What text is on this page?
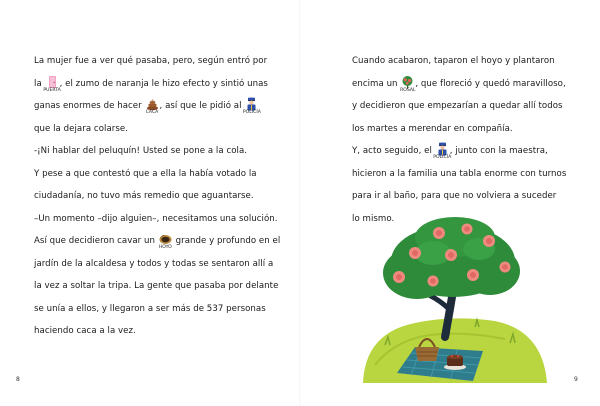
La mujer fue a ver qué pasaba, pero, según entró por
la
PUERTA
, el zumo de naranja le hizo efecto y sintió unas
ganas enormes de hacer
CACA
, así que le pidió al
POLICÍA
que la dejara colarse.
-¡Ni hablar del peluquín! Usted se pone a la cola.
Y pese a que contestó que a ella la había votado la
ciudadanía, no tuvo más remedio que aguantarse.
–Un momento –dijo alguien–, necesitamos una solución.
Así que decidieron cavar un
HOYO
grande y profundo en el
jardín de la alcaldesa y todos y todas se sentaron allí a
la vez a soltar la tripa. La gente que pasaba por delante
se unía a ellos, y llegaron a ser más de 537 personas
haciendo caca a la vez.
8
Cuando acabaron, taparon el hoyo y plantaron
encima un
ROSAL
, que floreció y quedó maravilloso,
y decidieron que empezarían a quedar allí todos
los martes a merendar en compañía.
Y, acto seguido, el
POLICÍA
, junto con la maestra,
hicieron a la familia una tabla enorme con turnos
para ir al baño, para que no volviera a suceder
lo mismo.
9
